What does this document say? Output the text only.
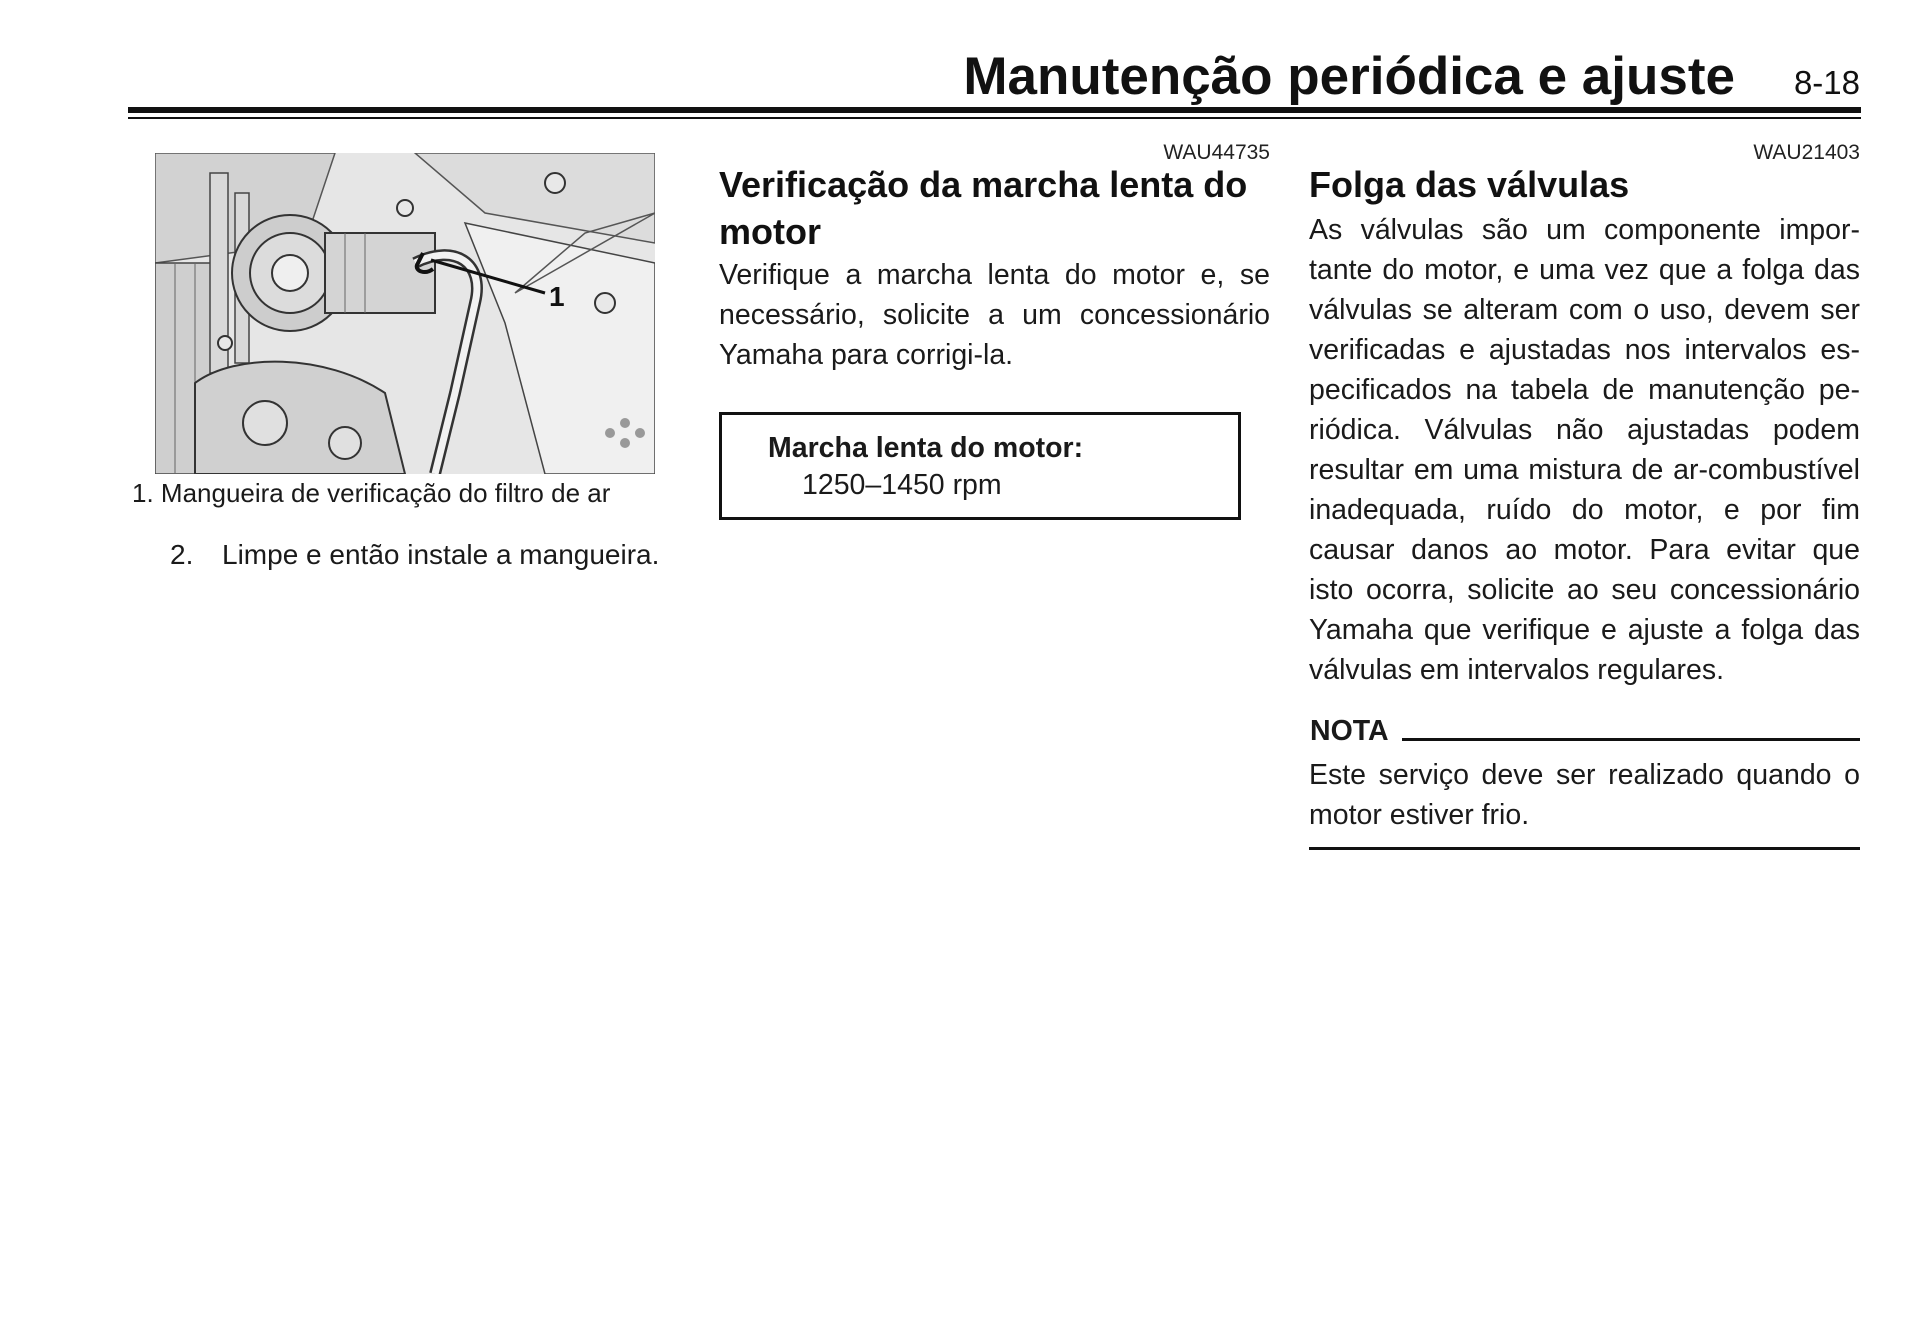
Manutenção periódica e ajuste	8-18
1
1. Mangueira de verificação do filtro de ar
2. Limpe e então instale a mangueira.
WAU44735
Verificação da marcha lenta do motor
Verifique a marcha lenta do motor e, se necessário, solicite a um concessionário Yamaha para corrigi-la.
Marcha lenta do motor:
1250–1450 rpm
WAU21403
Folga das válvulas
As válvulas são um componente importante do motor, e uma vez que a folga das válvulas se alteram com o uso, devem ser verificadas e ajustadas nos intervalos especificados na tabela de manutenção periódica. Válvulas não ajustadas podem resultar em uma mistura de ar-combustível inadequada, ruído do motor, e por fim causar danos ao motor. Para evitar que isto ocorra, solicite ao seu concessionário Yamaha que verifique e ajuste a folga das válvulas em intervalos regulares.
NOTA
Este serviço deve ser realizado quando o motor estiver frio.
